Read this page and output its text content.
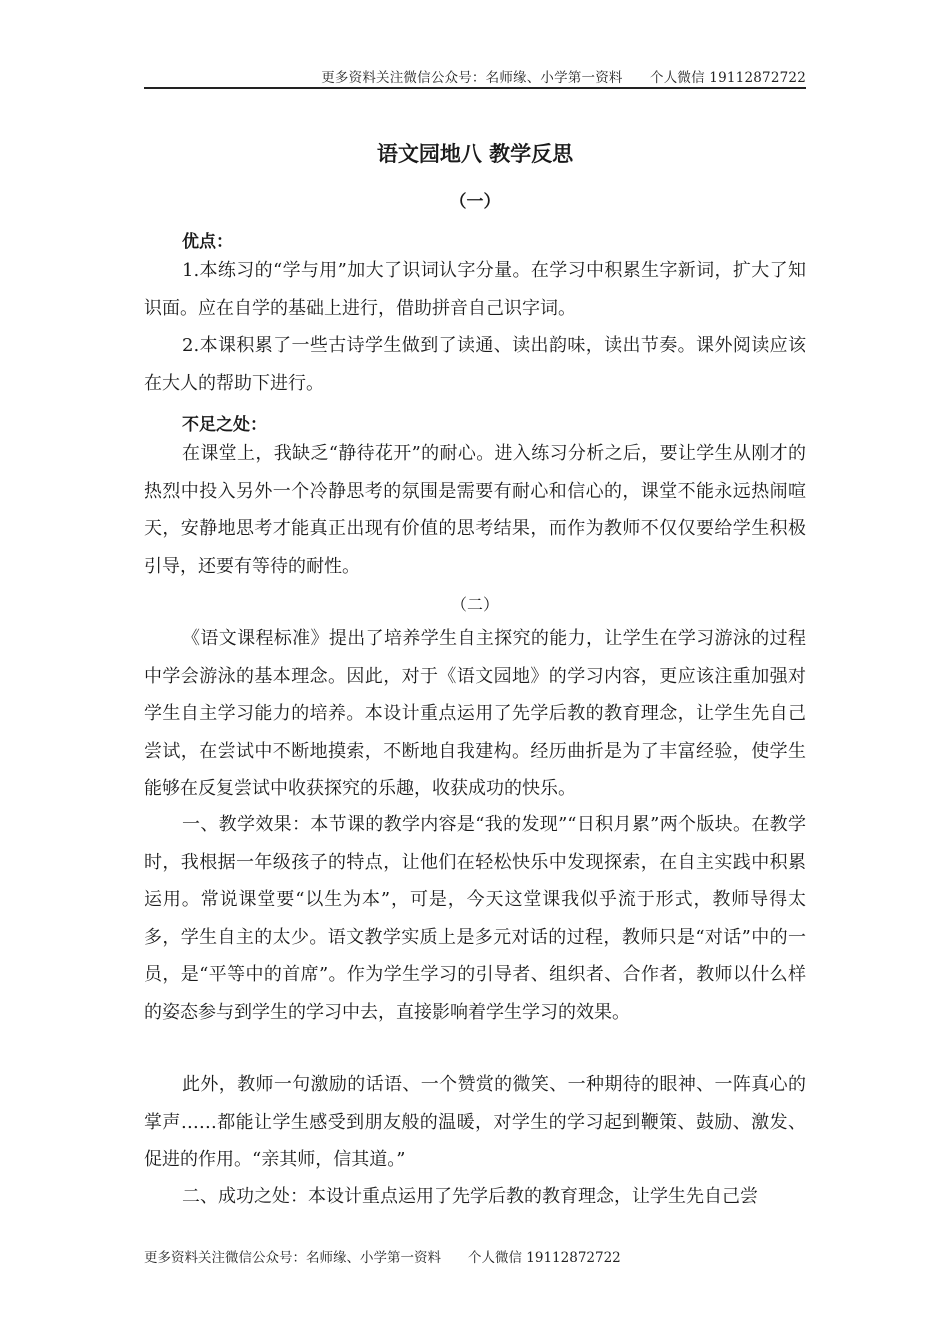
更多资料关注微信公众号：名师缘、小学第一资料　　个人微信 19112872722
语文园地八 教学反思
（一）
优点：

1.本练习的“学与用”加大了识词认字分量。在学习中积累生字新词，扩大了知识面。应在自学的基础上进行，借助拼音自己识字词。

2.本课积累了一些古诗学生做到了读通、读出韵味，读出节奏。课外阅读应该在大人的帮助下进行。

不足之处：

在课堂上，我缺乏“静待花开”的耐心。进入练习分析之后，要让学生从刚才的热烈中投入另外一个冷静思考的氛围是需要有耐心和信心的，课堂不能永远热闹喧天，安静地思考才能真正出现有价值的思考结果，而作为教师不仅仅要给学生积极引导，还要有等待的耐性。

（二）

《语文课程标准》提出了培养学生自主探究的能力，让学生在学习游泳的过程中学会游泳的基本理念。因此，对于《语文园地》的学习内容，更应该注重加强对学生自主学习能力的培养。本设计重点运用了先学后教的教育理念，让学生先自己尝试，在尝试中不断地摸索，不断地自我建构。经历曲折是为了丰富经验，使学生能够在反复尝试中收获探究的乐趣，收获成功的快乐。

一、教学效果：本节课的教学内容是“我的发现”“日积月累”两个版块。在教学时，我根据一年级孩子的特点，让他们在轻松快乐中发现探索，在自主实践中积累运用。常说课堂要“以生为本”，可是，今天这堂课我似乎流于形式，教师导得太多，学生自主的太少。语文教学实质上是多元对话的过程，教师只是“对话”中的一员，是“平等中的首席”。作为学生学习的引导者、组织者、合作者，教师以什么样的姿态参与到学生的学习中去，直接影响着学生学习的效果。

此外，教师一句激励的话语、一个赞赏的微笑、一种期待的眼神、一阵真心的掌声……都能让学生感受到朋友般的温暖，对学生的学习起到鞭策、鼓励、激发、促进的作用。“亲其师，信其道。”

二、成功之处：本设计重点运用了先学后教的教育理念，让学生先自己尝

更多资料关注微信公众号：名师缘、小学第一资料　　个人微信 19112872722
